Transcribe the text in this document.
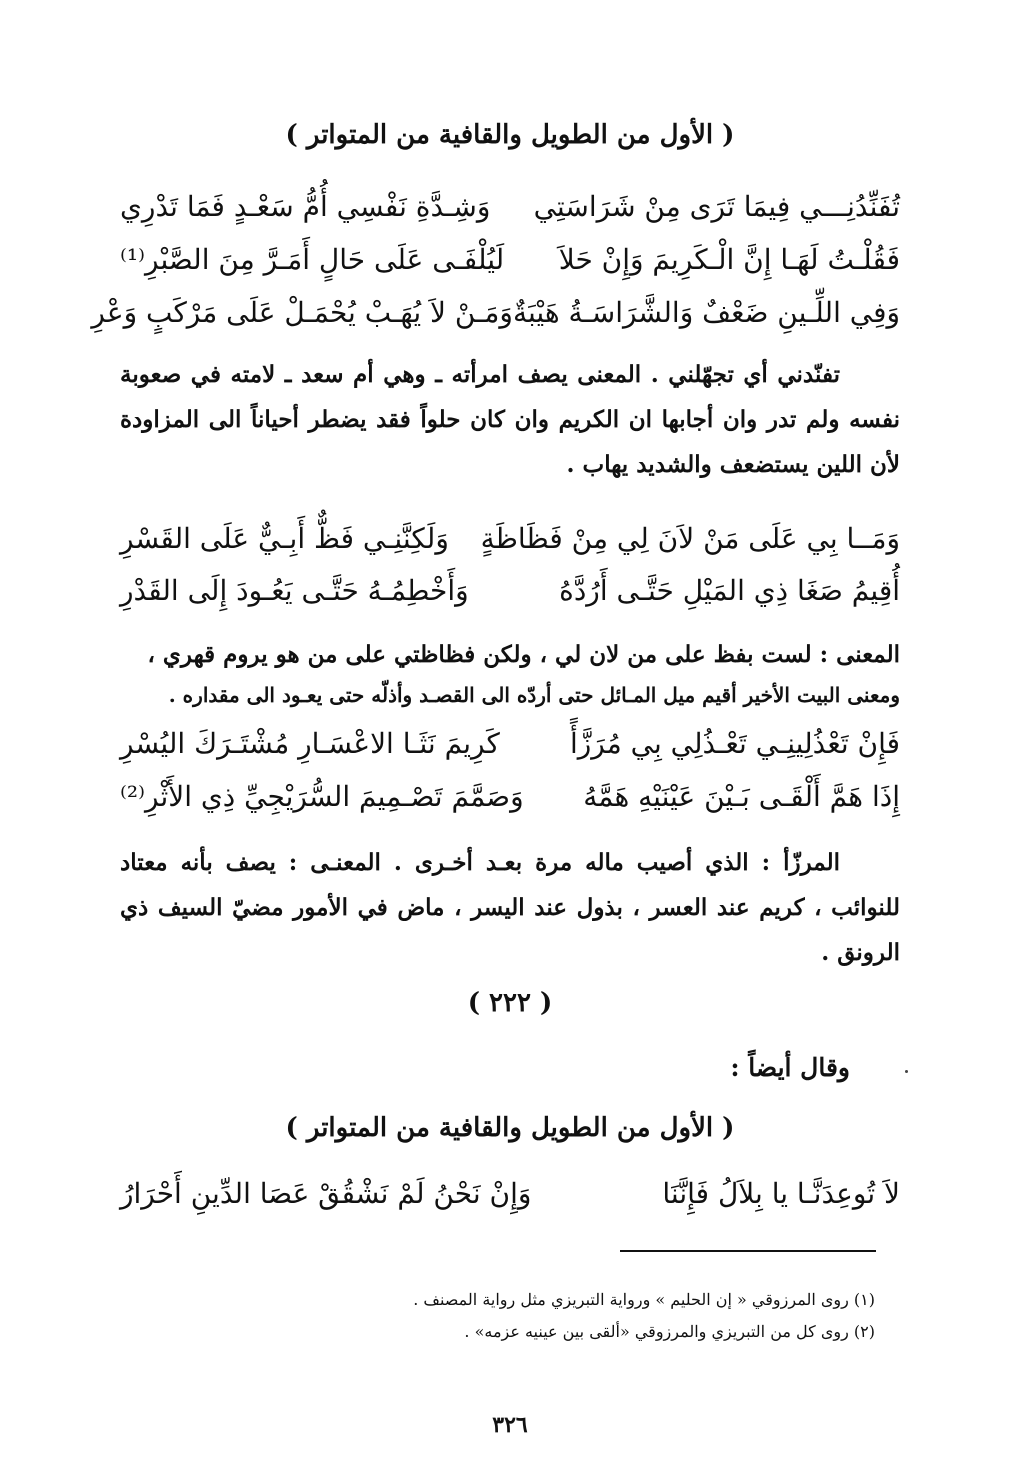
( الأول من الطويل والقافية من المتواتر )
تُفَنِّدُنِـــي فِيمَا تَرَى مِنْ شَرَاسَتِي
وَشِـدَّةِ نَفْسِي أُمُّ سَعْـدٍ فَمَا تَدْرِي
فَقُلْـتُ لَهَـا إِنَّ الْـكَرِيمَ وَإِنْ حَلاَ
لَيُلْفَـى عَلَى حَالٍ أَمَـرَّ مِنَ الصَّبْرِ⁽¹⁾
وَفِي اللِّـينِ ضَعْفٌ وَالشَّرَاسَـةُ هَيْبَةٌ
وَمَـنْ لاَ يُهَـبْ يُحْمَـلْ عَلَى مَرْكَبٍ وَعْرِ

تفنّدني أي تجهّلني . المعنى يصف امرأته ـ وهي أم سعد ـ لامته في صعوبة نفسه ولم تدر وان أجابها ان الكريم وان كان حلواً فقد يضطر أحياناً الى المزاودة لأن اللين يستضعف والشديد يهاب .

وَمَــا بِي عَلَى مَنْ لاَنَ لِي مِنْ فَظَاظَةٍ
وَلَكِنَّنِـي فَظٌّ أَبِـيٌّ عَلَى القَسْرِ
أُقِيمُ صَغَا ذِي المَيْلِ حَتَّـى أَرُدَّهُ
وَأَخْطِمُـهُ حَتَّـى يَعُـودَ إِلَى القَدْرِ

المعنى : لست بفظ على من لان لي ، ولكن فظاظتي على من هو يروم قهري ،

ومعنى البيت الأخير أقيم ميل المـائل حتى أردّه الى القصـد وأذلّه حتى يعـود الى مقداره .

فَإِنْ تَعْذُلِينِـي تَعْـذُلِي بِي مُرَزَّأً
كَرِيمَ نَثَـا الاعْسَـارِ مُشْتَـرَكَ اليُسْرِ
إِذَا هَمَّ أَلْقَـى بَـيْنَ عَيْنَيْهِ هَمَّهُ
وَصَمَّمَ تَصْـمِيمَ السُّرَيْجِيِّ ذِي الأَثْرِ⁽²⁾

المرزّأ : الذي أصيب ماله مرة بعـد أخـرى . المعنـى : يصف بأنه معتاد للنوائب ، كريم عند العسر ، بذول عند اليسر ، ماض في الأمور مضيّ السيف ذي الرونق .

( ٢٢٢ )
وقال أيضاً :
( الأول من الطويل والقافية من المتواتر )
لاَ تُوعِدَنَّـا يا بِلاَلُ فَإِنَّنَا
وَإِنْ نَحْنُ لَمْ نَشْقُقْ عَصَا الدِّينِ أَحْرَارُ
(١) روى المرزوقي « إن الحليم » ورواية التبريزي مثل رواية المصنف .
(٢) روى كل من التبريزي والمرزوقي «ألقى بين عينيه عزمه» .
٣٢٦
